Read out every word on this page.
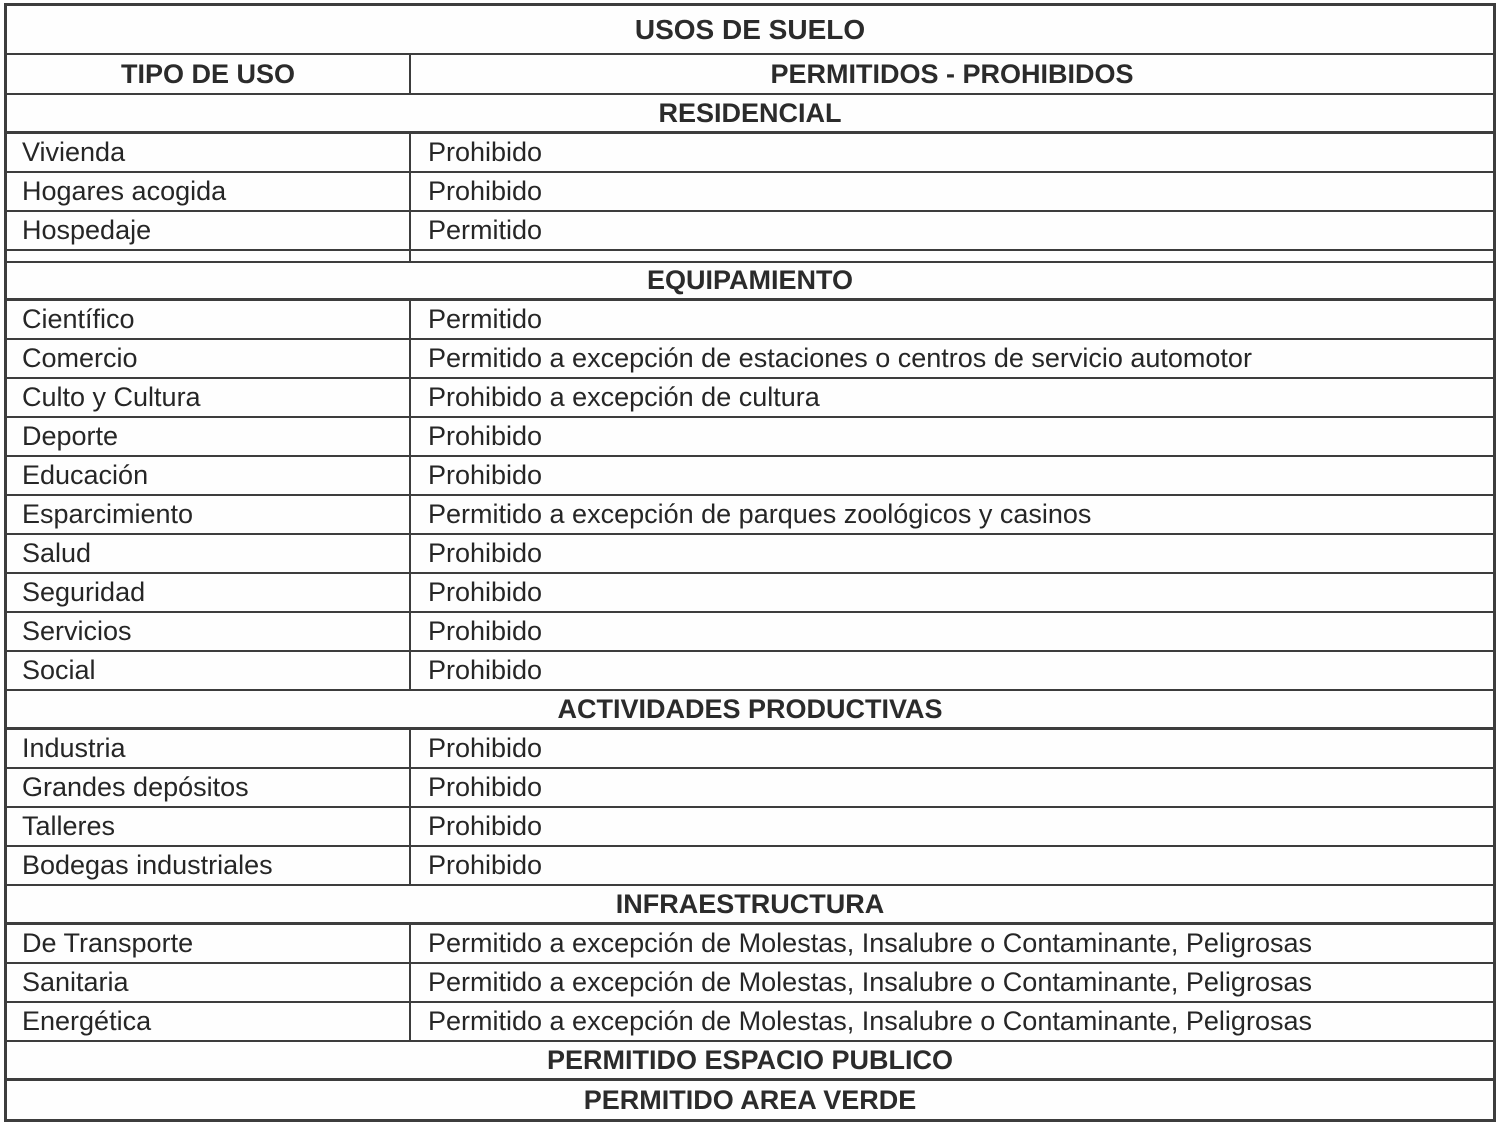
USOS DE SUELO
TIPO DE USO	PERMITIDOS - PROHIBIDOS
RESIDENCIAL
Vivienda	Prohibido
Hogares acogida	Prohibido
Hospedaje	Permitido
EQUIPAMIENTO
Científico	Permitido
Comercio	Permitido a excepción de estaciones o centros de servicio automotor
Culto y Cultura	Prohibido a excepción de cultura
Deporte	Prohibido
Educación	Prohibido
Esparcimiento	Permitido a excepción de parques zoológicos y casinos
Salud	Prohibido
Seguridad	Prohibido
Servicios	Prohibido
Social	Prohibido
ACTIVIDADES PRODUCTIVAS
Industria	Prohibido
Grandes depósitos	Prohibido
Talleres	Prohibido
Bodegas industriales	Prohibido
INFRAESTRUCTURA
De Transporte	Permitido a excepción de Molestas, Insalubre o Contaminante, Peligrosas
Sanitaria	Permitido a excepción de Molestas, Insalubre o Contaminante, Peligrosas
Energética	Permitido a excepción de Molestas, Insalubre o Contaminante, Peligrosas
PERMITIDO ESPACIO PUBLICO
PERMITIDO AREA VERDE
